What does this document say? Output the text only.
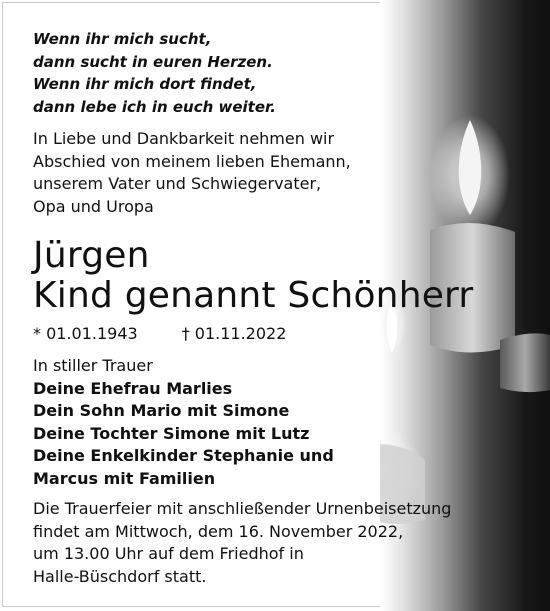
Wenn ihr mich sucht,
dann sucht in euren Herzen.
Wenn ihr mich dort findet,
dann lebe ich in euch weiter.
In Liebe und Dankbarkeit nehmen wir
Abschied von meinem lieben Ehemann,
unserem Vater und Schwiegervater,
Opa und Uropa
Jürgen
Kind genannt Schönherr
* 01.01.1943	† 01.11.2022
In stiller Trauer
Deine Ehefrau Marlies
Dein Sohn Mario mit Simone
Deine Tochter Simone mit Lutz
Deine Enkelkinder Stephanie und
Marcus mit Familien
Die Trauerfeier mit anschließender Urnenbeisetzung
findet am Mittwoch, dem 16. November 2022,
um 13.00 Uhr auf dem Friedhof in
Halle-Büschdorf statt.
